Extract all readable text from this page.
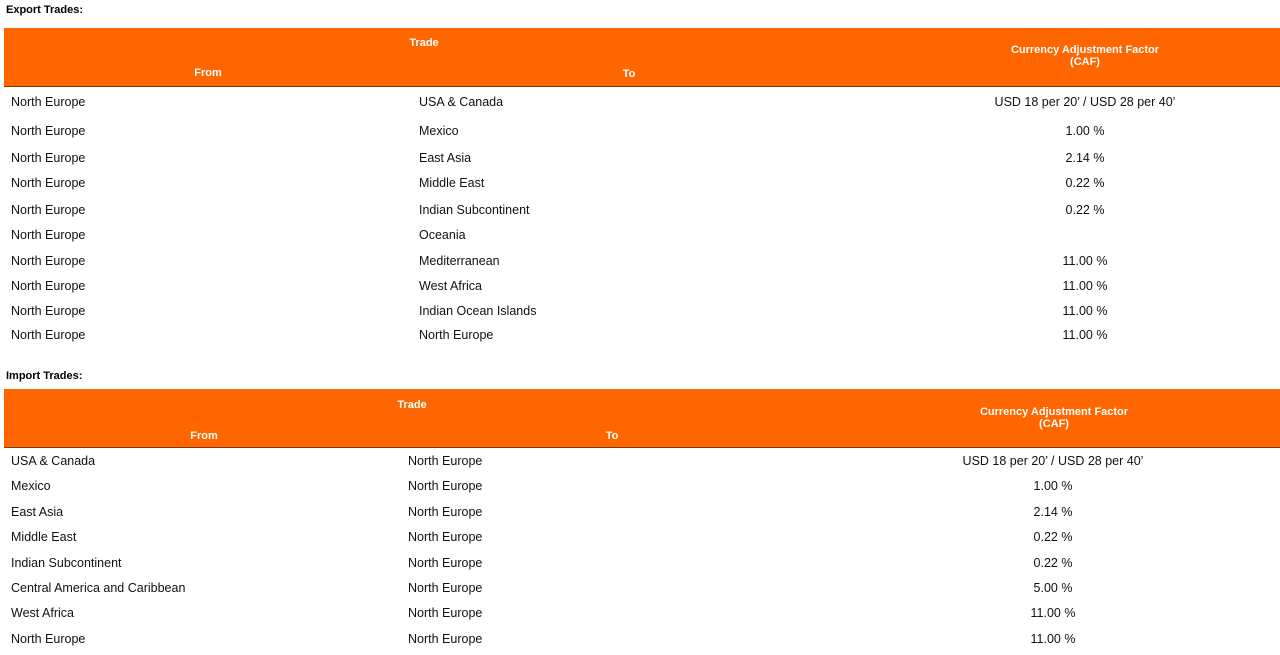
Export Trades:
Trade
From	To
Currency Adjustment Factor
(CAF)
North Europe	USA & Canada	USD 18 per 20’ / USD 28 per 40’
North Europe	Mexico	1.00 %
North Europe	East Asia	2.14 %
North Europe	Middle East	0.22 %
North Europe	Indian Subcontinent	0.22 %
North Europe	Oceania
North Europe	Mediterranean	11.00 %
North Europe	West Africa	11.00 %
North Europe	Indian Ocean Islands	11.00 %
North Europe	North Europe	11.00 %
Import Trades:
Trade
From	To
Currency Adjustment Factor
(CAF)
USA & Canada	North Europe	USD 18 per 20’ / USD 28 per 40’
Mexico	North Europe	1.00 %
East Asia	North Europe	2.14 %
Middle East	North Europe	0.22 %
Indian Subcontinent	North Europe	0.22 %
Central America and Caribbean	North Europe	5.00 %
West Africa	North Europe	11.00 %
North Europe	North Europe	11.00 %
